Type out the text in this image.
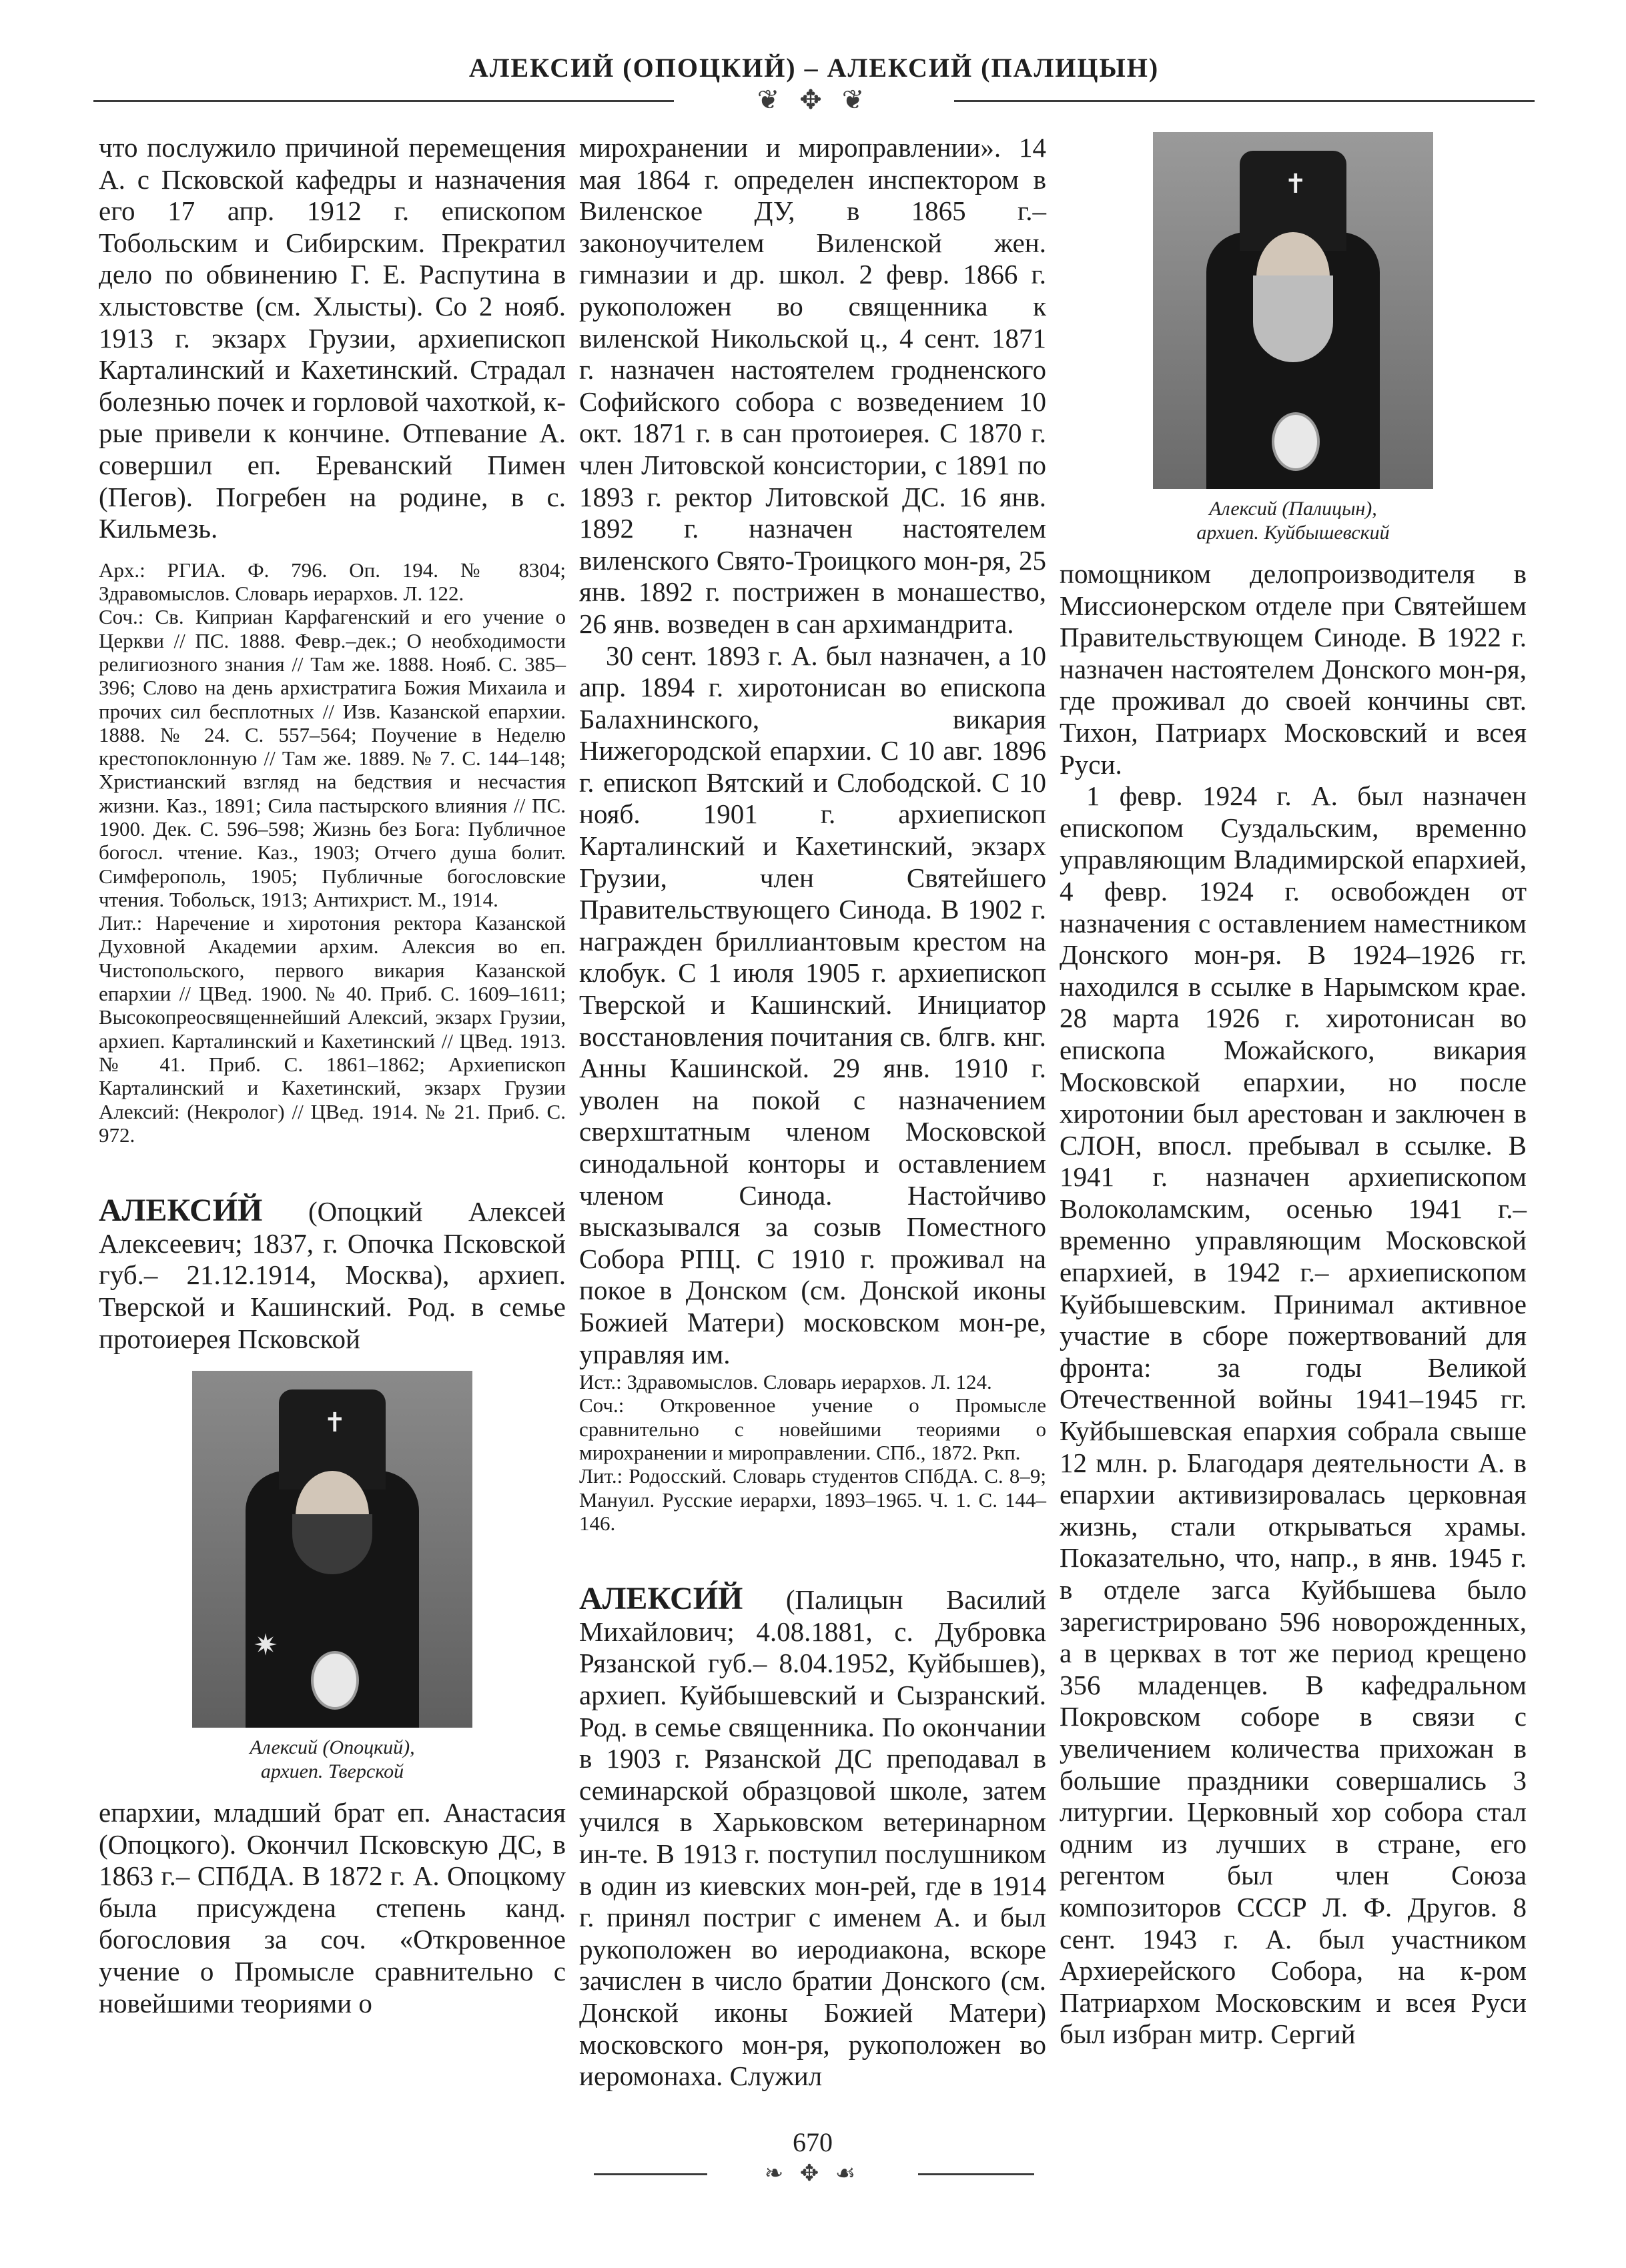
АЛЕКСИЙ (ОПОЦКИЙ) – АЛЕКСИЙ (ПАЛИЦЫН)
❦ ✥ ❦

что послужило причиной перемещения А. с Псковской кафедры и назначения его 17 апр. 1912 г. епископом Тобольским и Сибирским. Прекратил дело по обвинению Г. Е. Распутина в хлыстовстве (см. Хлысты). Со 2 нояб. 1913 г. экзарх Грузии, архиепископ Карталинский и Кахетинский. Страдал болезнью почек и горловой чахоткой, к-рые привели к кончине. Отпевание А. совершил еп. Ереванский Пимен (Пегов). Погребен на родине, в с. Кильмезь.

Арх.: РГИА. Ф. 796. Оп. 194. № 8304; Здравомыслов. Словарь иерархов. Л. 122.

Соч.: Св. Киприан Карфагенский и его учение о Церкви // ПС. 1888. Февр.–дек.; О необходимости религиозного знания // Там же. 1888. Нояб. С. 385–396; Слово на день архистратига Божия Михаила и прочих сил бесплотных // Изв. Казанской епархии. 1888. № 24. С. 557–564; Поучение в Неделю крестопоклонную // Там же. 1889. № 7. С. 144–148; Христианский взгляд на бедствия и несчастия жизни. Каз., 1891; Сила пастырского влияния // ПС. 1900. Дек. С. 596–598; Жизнь без Бога: Публичное богосл. чтение. Каз., 1903; Отчего душа болит. Симферополь, 1905; Публичные богословские чтения. Тобольск, 1913; Антихрист. М., 1914.

Лит.: Наречение и хиротония ректора Казанской Духовной Академии архим. Алексия во еп. Чистопольского, первого викария Казанской епархии // ЦВед. 1900. № 40. Приб. С. 1609–1611; Высокопреосвященнейший Алексий, экзарх Грузии, архиеп. Карталинский и Кахетинский // ЦВед. 1913. № 41. Приб. С. 1861–1862; Архиепископ Карталинский и Кахетинский, экзарх Грузии Алексий: (Некролог) // ЦВед. 1914. № 21. Приб. С. 972.

АЛЕКСИ́Й (Опоцкий Алексей Алексеевич; 1837, г. Опочка Псковской губ.– 21.12.1914, Москва), архиеп. Тверской и Кашинский. Род. в семье протоиерея Псковской

✝
✷
Алексий (Опоцкий),
архиеп. Тверской

епархии, младший брат еп. Анастасия (Опоцкого). Окончил Псковскую ДС, в 1863 г.– СПбДА. В 1872 г. А. Опоцкому была присуждена степень канд. богословия за соч. «Откровенное учение о Промысле сравнительно с новейшими теориями о

мирохранении и мироправлении». 14 мая 1864 г. определен инспектором в Виленское ДУ, в 1865 г.– законоучителем Виленской жен. гимназии и др. школ. 2 февр. 1866 г. рукоположен во священника к виленской Никольской ц., 4 сент. 1871 г. назначен настоятелем гродненского Софийского собора с возведением 10 окт. 1871 г. в сан протоиерея. С 1870 г. член Литовской консистории, с 1891 по 1893 г. ректор Литовской ДС. 16 янв. 1892 г. назначен настоятелем виленского Свято-Троицкого мон-ря, 25 янв. 1892 г. пострижен в монашество, 26 янв. возведен в сан архимандрита.

30 сент. 1893 г. А. был назначен, а 10 апр. 1894 г. хиротонисан во епископа Балахнинского, викария Нижегородской епархии. С 10 авг. 1896 г. епископ Вятский и Слободской. С 10 нояб. 1901 г. архиепископ Карталинский и Кахетинский, экзарх Грузии, член Святейшего Правительствующего Синода. В 1902 г. награжден бриллиантовым крестом на клобук. С 1 июля 1905 г. архиепископ Тверской и Кашинский. Инициатор восстановления почитания св. блгв. кнг. Анны Кашинской. 29 янв. 1910 г. уволен на покой с назначением сверхштатным членом Московской синодальной конторы и оставлением членом Синода. Настойчиво высказывался за созыв Поместного Собора РПЦ. С 1910 г. проживал на покое в Донском (см. Донской иконы Божией Матери) московском мон-ре, управляя им.

Ист.: Здравомыслов. Словарь иерархов. Л. 124.

Соч.: Откровенное учение о Промысле сравнительно с новейшими теориями о мирохранении и мироправлении. СПб., 1872. Ркп.

Лит.: Родосский. Словарь студентов СПбДА. С. 8–9; Мануил. Русские иерархи, 1893–1965. Ч. 1. С. 144–146.

АЛЕКСИ́Й (Палицын Василий Михайлович; 4.08.1881, с. Дубровка Рязанской губ.– 8.04.1952, Куйбышев), архиеп. Куйбышевский и Сызранский. Род. в семье священника. По окончании в 1903 г. Рязанской ДС преподавал в семинарской образцовой школе, затем учился в Харьковском ветеринарном ин-те. В 1913 г. поступил послушником в один из киевских мон-рей, где в 1914 г. принял постриг с именем А. и был рукоположен во иеродиакона, вскоре зачислен в число братии Донского (см. Донской иконы Божией Матери) московского мон-ря, рукоположен во иеромонаха. Служил

✝
Алексий (Палицын),
архиеп. Куйбышевский

помощником делопроизводителя в Миссионерском отделе при Святейшем Правительствующем Синоде. В 1922 г. назначен настоятелем Донского мон-ря, где проживал до своей кончины свт. Тихон, Патриарх Московский и всея Руси.

1 февр. 1924 г. А. был назначен епископом Суздальским, временно управляющим Владимирской епархией, 4 февр. 1924 г. освобожден от назначения с оставлением наместником Донского мон-ря. В 1924–1926 гг. находился в ссылке в Нарымском крае. 28 марта 1926 г. хиротонисан во епископа Можайского, викария Московской епархии, но после хиротонии был арестован и заключен в СЛОН, впосл. пребывал в ссылке. В 1941 г. назначен архиепископом Волоколамским, осенью 1941 г.– временно управляющим Московской епархией, в 1942 г.– архиепископом Куйбышевским. Принимал активное участие в сборе пожертвований для фронта: за годы Великой Отечественной войны 1941–1945 гг. Куйбышевская епархия собрала свыше 12 млн. р. Благодаря деятельности А. в епархии активизировалась церковная жизнь, стали открываться храмы. Показательно, что, напр., в янв. 1945 г. в отделе загса Куйбышева было зарегистрировано 596 новорожденных, а в церквах в тот же период крещено 356 младенцев. В кафедральном Покровском соборе в связи с увеличением количества прихожан в большие праздники совершались 3 литургии. Церковный хор собора стал одним из лучших в стране, его регентом был член Союза композиторов СССР Л. Ф. Другов. 8 сент. 1943 г. А. был участником Архиерейского Собора, на к-ром Патриархом Московским и всея Руси был избран митр. Сергий

670
❧ ✥ ☙
